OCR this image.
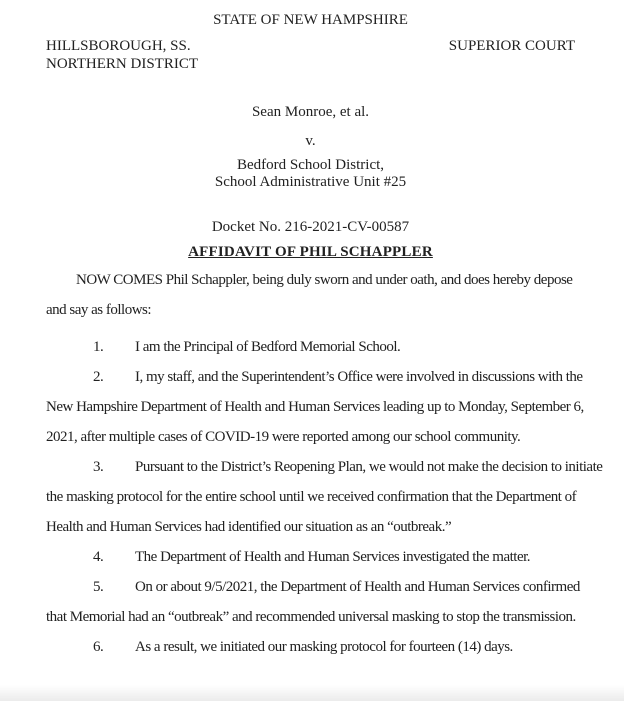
STATE OF NEW HAMPSHIRE
HILLSBOROUGH, SS.
NORTHERN DISTRICT
SUPERIOR COURT
Sean Monroe, et al.
v.
Bedford School District,
School Administrative Unit #25
Docket No. 216-2021-CV-00587
AFFIDAVIT OF PHIL SCHAPPLER
NOW COMES Phil Schappler, being duly sworn and under oath, and does hereby depose
and say as follows:
1. I am the Principal of Bedford Memorial School.
2. I, my staff, and the Superintendent’s Office were involved in discussions with the
New Hampshire Department of Health and Human Services leading up to Monday, September 6,
2021, after multiple cases of COVID-19 were reported among our school community.
3. Pursuant to the District’s Reopening Plan, we would not make the decision to initiate
the masking protocol for the entire school until we received confirmation that the Department of
Health and Human Services had identified our situation as an “outbreak.”
4. The Department of Health and Human Services investigated the matter.
5. On or about 9/5/2021, the Department of Health and Human Services confirmed
that Memorial had an “outbreak” and recommended universal masking to stop the transmission.
6. As a result, we initiated our masking protocol for fourteen (14) days.
